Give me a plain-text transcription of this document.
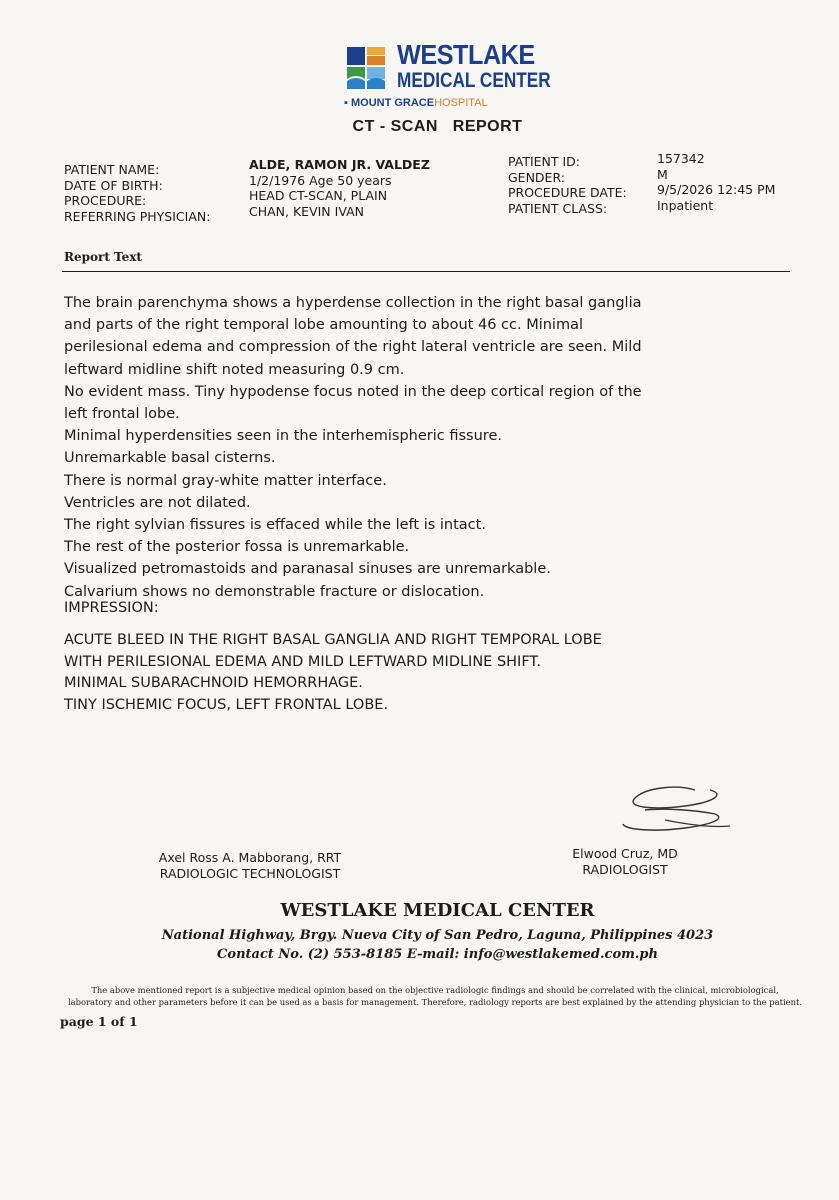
WESTLAKE
MEDICAL CENTER
▪ MOUNT GRACEHOSPITAL
CT - SCAN   REPORT
PATIENT NAME:
DATE OF BIRTH:
PROCEDURE:
REFERRING PHYSICIAN:
ALDE, RAMON JR. VALDEZ
1/2/1976 Age 50 years
HEAD CT-SCAN, PLAIN
CHAN, KEVIN IVAN
PATIENT ID:
GENDER:
PROCEDURE DATE:
PATIENT CLASS:
157342
M
9/5/2026 12:45 PM
Inpatient
Report Text

The brain parenchyma shows a hyperdense collection in the right basal ganglia

and parts of the right temporal lobe amounting to about 46 cc. Minimal

perilesional edema and compression of the right lateral ventricle are seen. Mild

leftward midline shift noted measuring 0.9 cm.

No evident mass. Tiny hypodense focus noted in the deep cortical region of the

left frontal lobe.

Minimal hyperdensities seen in the interhemispheric fissure.

Unremarkable basal cisterns.

There is normal gray-white matter interface.

Ventricles are not dilated.

The right sylvian fissures is effaced while the left is intact.

The rest of the posterior fossa is unremarkable.

Visualized petromastoids and paranasal sinuses are unremarkable.

Calvarium shows no demonstrable fracture or dislocation.

IMPRESSION:

ACUTE BLEED IN THE RIGHT BASAL GANGLIA AND RIGHT TEMPORAL LOBE

WITH PERILESIONAL EDEMA AND MILD LEFTWARD MIDLINE SHIFT.

MINIMAL SUBARACHNOID HEMORRHAGE.

TINY ISCHEMIC FOCUS, LEFT FRONTAL LOBE.

Axel Ross A. Mabborang, RRT
RADIOLOGIC TECHNOLOGIST
Elwood Cruz, MD
RADIOLOGIST
WESTLAKE MEDICAL CENTER
National Highway, Brgy. Nueva City of San Pedro, Laguna, Philippines 4023
Contact No. (2) 553-8185 E-mail: info@westlakemed.com.ph
The above mentioned report is a subjective medical opinion based on the objective radiologic findings and should be correlated with the clinical, microbiological,
laboratory and other parameters before it can be used as a basis for management. Therefore, radiology reports are best explained by the attending physician to the patient.
page 1 of 1
